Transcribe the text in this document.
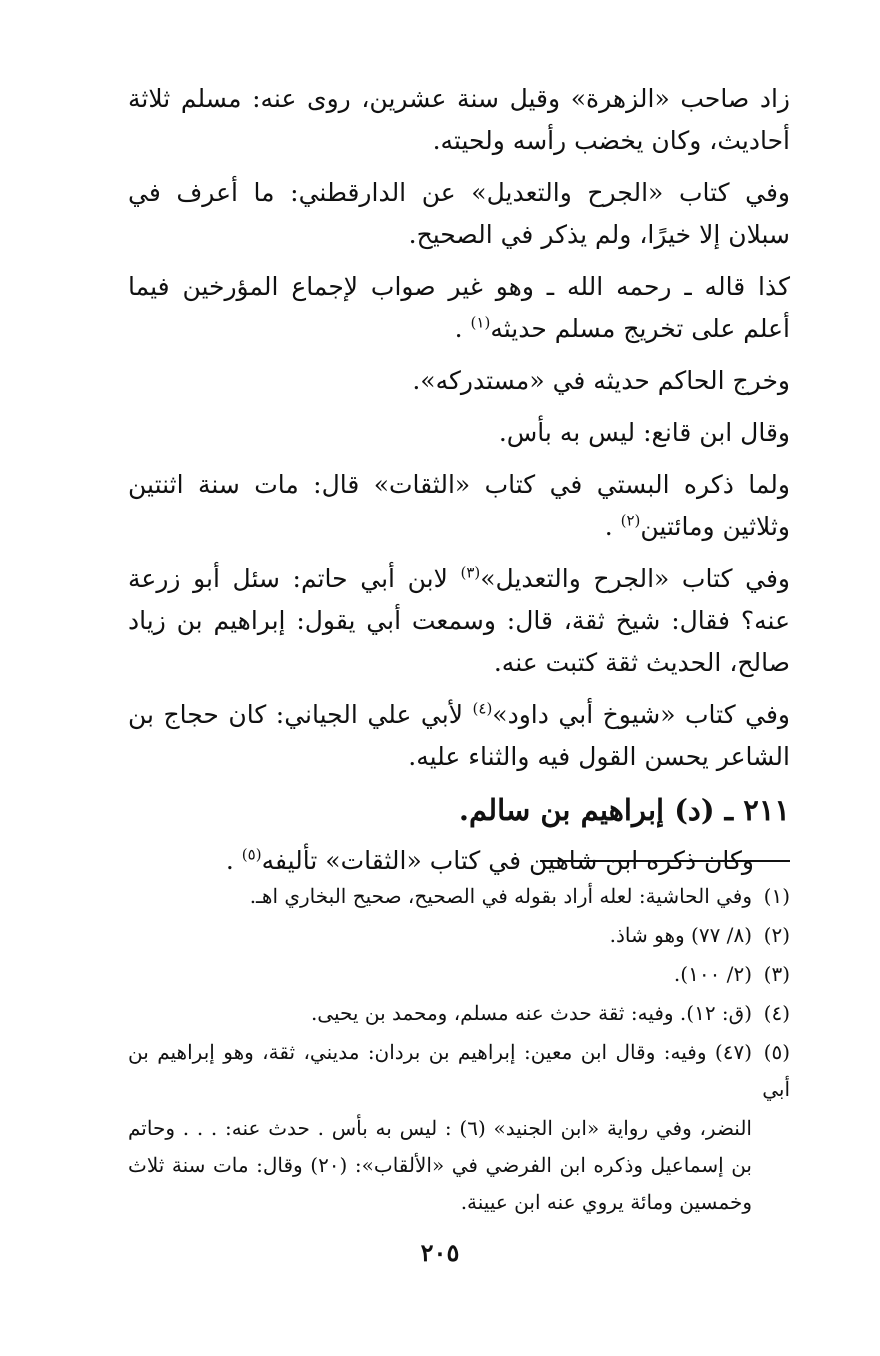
زاد صاحب «الزهرة» وقيل سنة عشرين، روى عنه: مسلم ثلاثة أحاديث، وكان يخضب رأسه ولحيته.

وفي كتاب «الجرح والتعديل» عن الدارقطني: ما أعرف في سبلان إلا خيرًا، ولم يذكر في الصحيح.

كذا قاله ـ رحمه الله ـ وهو غير صواب لإجماع المؤرخين فيما أعلم على تخريج مسلم حديثه$^{(١)}$ .

وخرج الحاكم حديثه في «مستدركه».

وقال ابن قانع: ليس به بأس.

ولما ذكره البستي في كتاب «الثقات» قال: مات سنة اثنتين وثلاثين ومائتين$^{(٢)}$ .

وفي كتاب «الجرح والتعديل»$^{(٣)}$ لابن أبي حاتم: سئل أبو زرعة عنه؟ فقال: شيخ ثقة، قال: وسمعت أبي يقول: إبراهيم بن زياد صالح، الحديث ثقة كتبت عنه.

وفي كتاب «شيوخ أبي داود»$^{(٤)}$ لأبي علي الجياني: كان حجاج بن الشاعر يحسن القول فيه والثناء عليه.

٢١١ ـ (د) إبراهيم بن سالم.

وكان ذكره ابن شاهين في كتاب «الثقات» تأليفه$^{(٥)}$ .

(١)وفي الحاشية: لعله أراد بقوله في الصحيح، صحيح البخاري اهـ.

(٢)(٨/ ٧٧) وهو شاذ.

(٣)(٢/ ١٠٠).

(٤)(ق: ١٢). وفيه: ثقة حدث عنه مسلم، ومحمد بن يحيى.

(٥)(٤٧) وفيه: وقال ابن معين: إبراهيم بن بردان: مديني، ثقة، وهو إبراهيم بن أبي

النضر، وفي رواية «ابن الجنيد» (٦) : ليس به بأس . حدث عنه: . . . وحاتم بن إسماعيل وذكره ابن الفرضي في «الألقاب»: (٢٠) وقال: مات سنة ثلاث وخمسين ومائة يروي عنه ابن عيينة.

٢٠٥
